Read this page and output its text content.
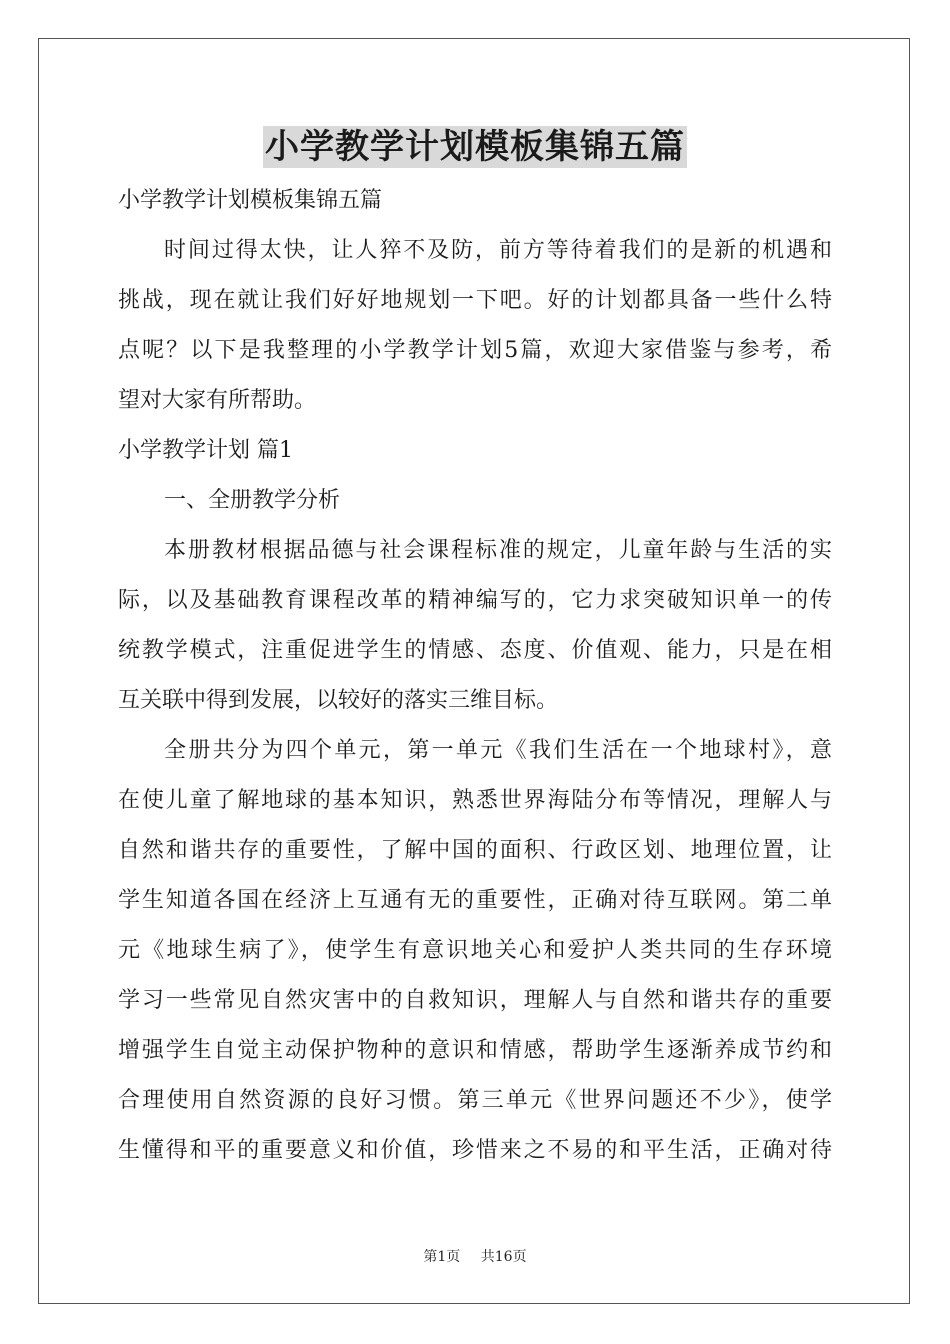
小学教学计划模板集锦五篇
小学教学计划模板集锦五篇
时间过得太快，让人猝不及防，前方等待着我们的是新的机遇和
挑战，现在就让我们好好地规划一下吧。好的计划都具备一些什么特
点呢？以下是我整理的小学教学计划5篇，欢迎大家借鉴与参考，希
望对大家有所帮助。
小学教学计划 篇1
一、全册教学分析
本册教材根据品德与社会课程标准的规定，儿童年龄与生活的实
际，以及基础教育课程改革的精神编写的，它力求突破知识单一的传
统教学模式，注重促进学生的情感、态度、价值观、能力，只是在相
互关联中得到发展，以较好的落实三维目标。
全册共分为四个单元，第一单元《我们生活在一个地球村》，意
在使儿童了解地球的基本知识，熟悉世界海陆分布等情况，理解人与
自然和谐共存的重要性，了解中国的面积、行政区划、地理位置，让
学生知道各国在经济上互通有无的重要性，正确对待互联网。第二单
元《地球生病了》，使学生有意识地关心和爱护人类共同的生存环境
学习一些常见自然灾害中的自救知识，理解人与自然和谐共存的重要
增强学生自觉主动保护物种的意识和情感，帮助学生逐渐养成节约和
合理使用自然资源的良好习惯。第三单元《世界问题还不少》，使学
生懂得和平的重要意义和价值，珍惜来之不易的和平生活，正确对待
第1页 共16页
